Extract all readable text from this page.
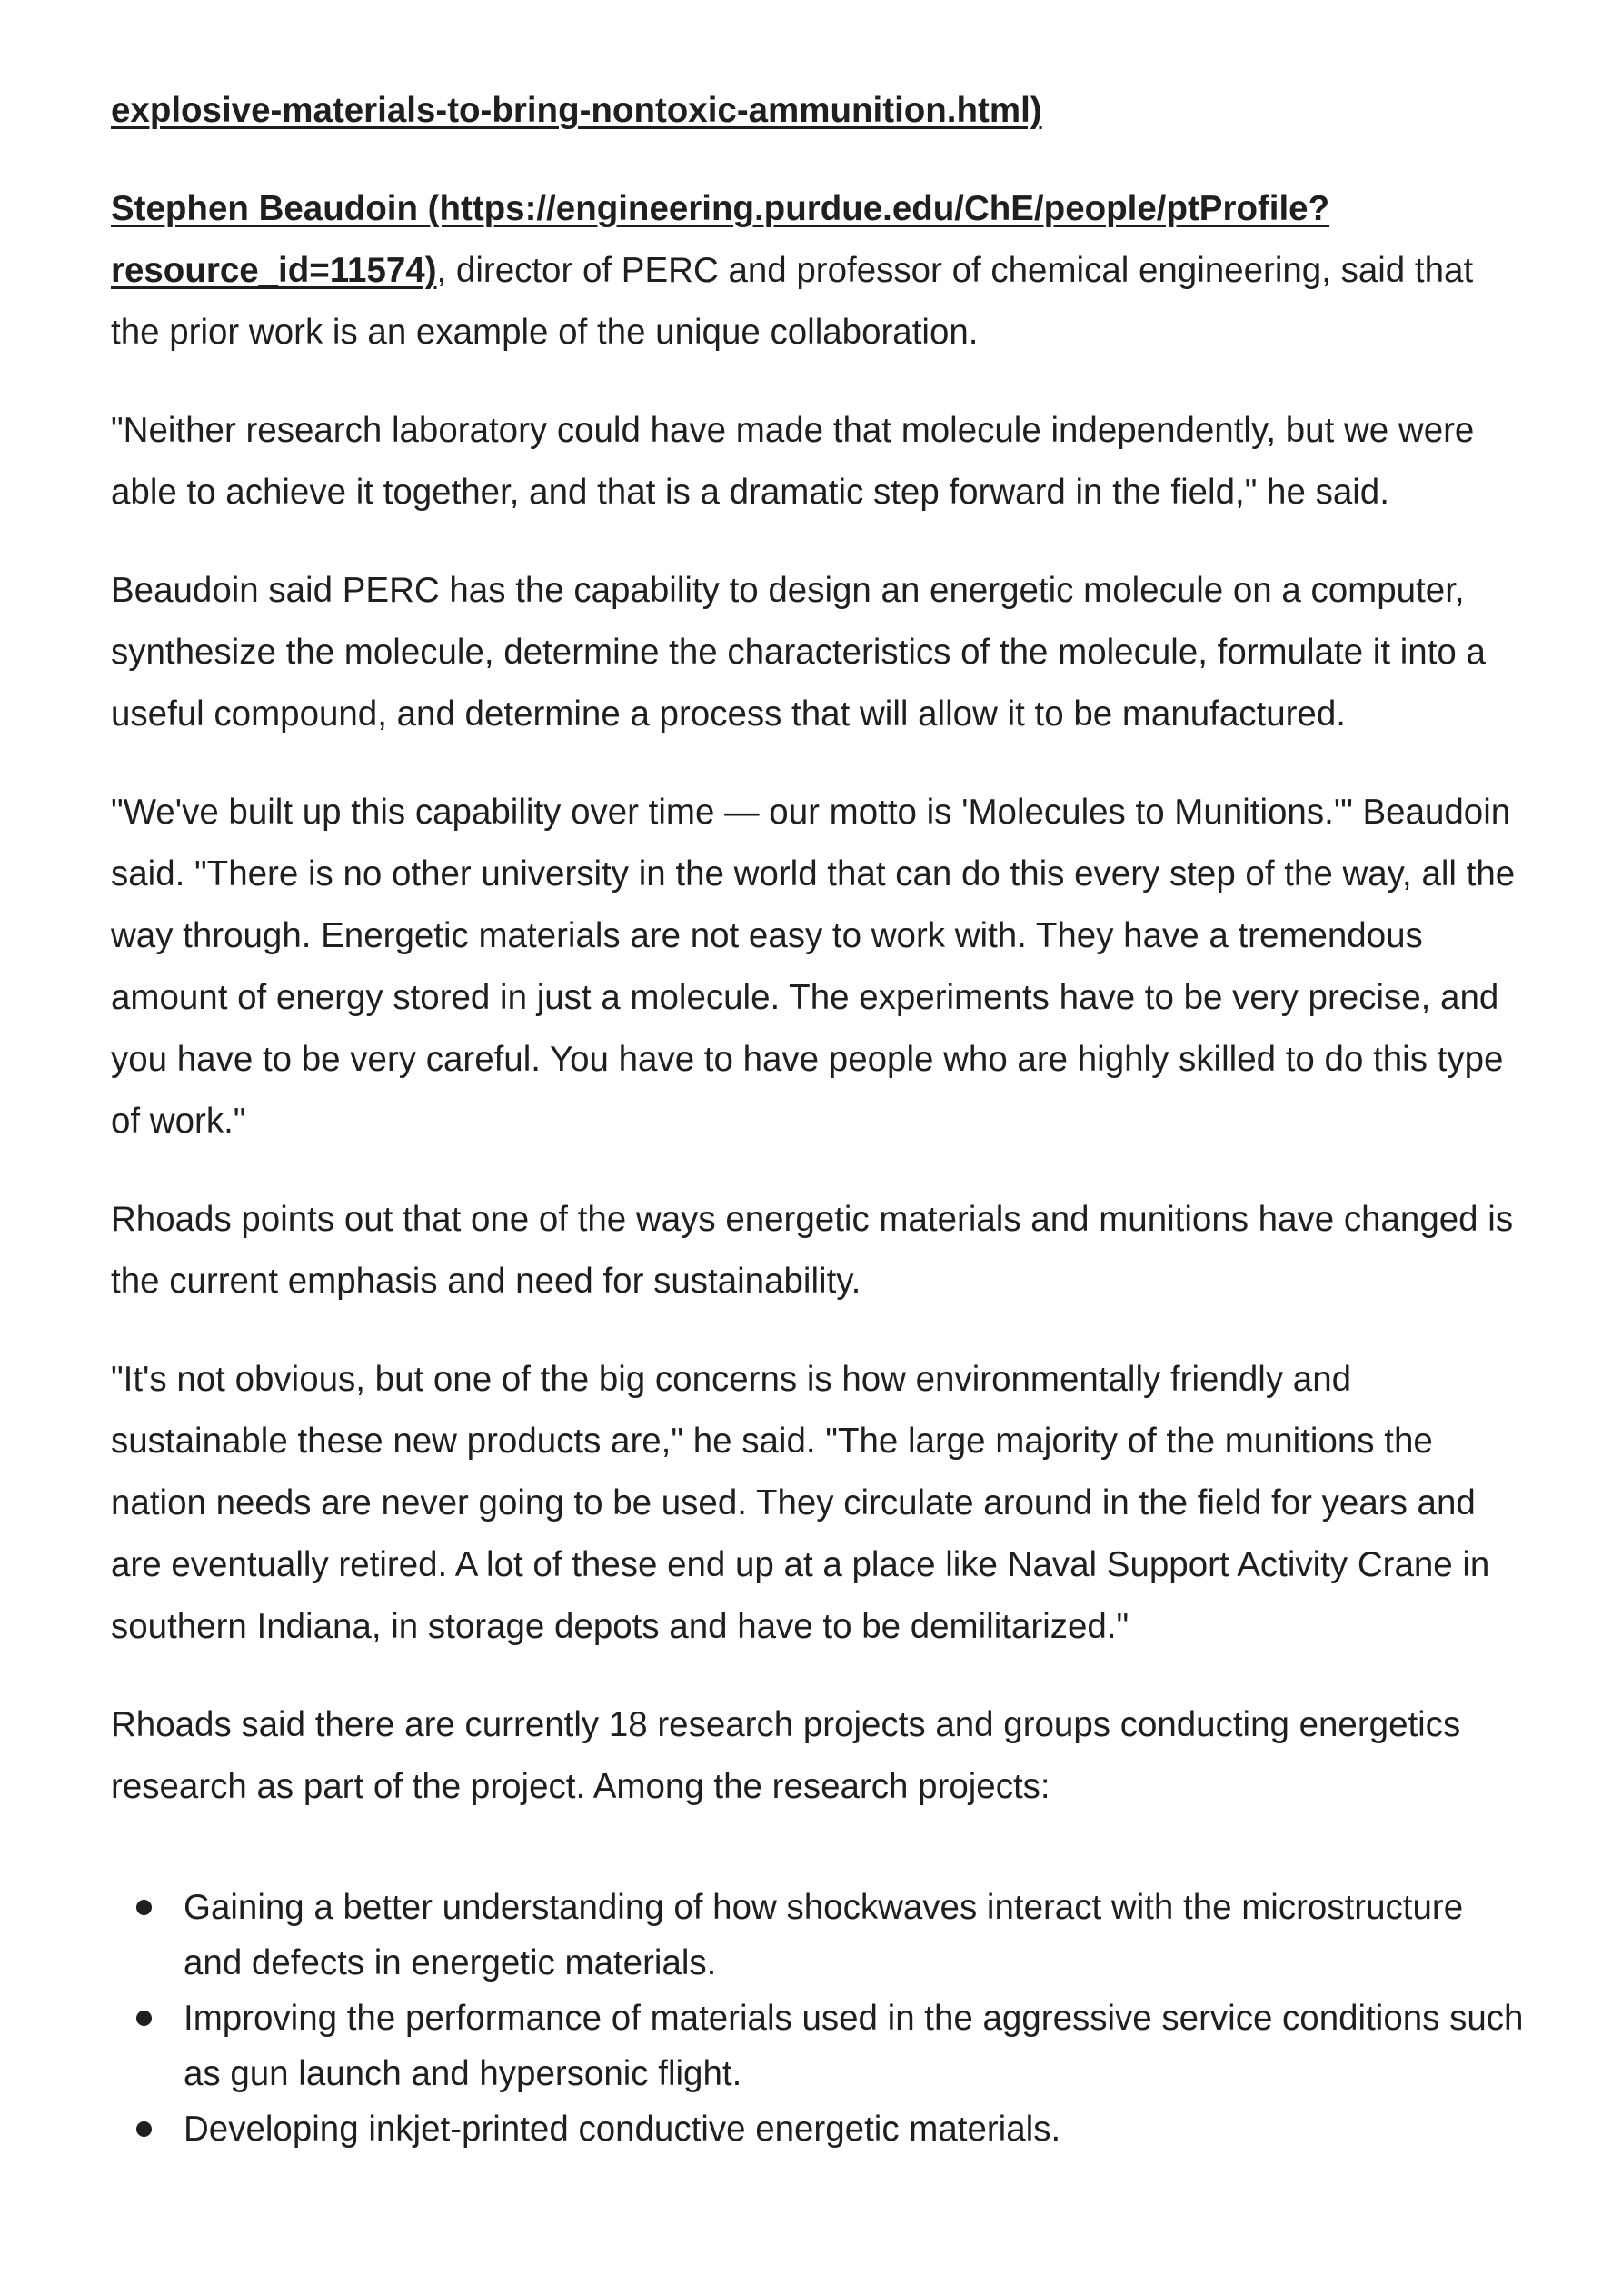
explosive-materials-to-bring-nontoxic-ammunition.html)

Stephen Beaudoin (https://engineering.purdue.edu/ChE/people/ptProfile?resource_id=11574), director of PERC and professor of chemical engineering, said that the prior work is an example of the unique collaboration.

"Neither research laboratory could have made that molecule independently, but we were able to achieve it together, and that is a dramatic step forward in the field," he said.

Beaudoin said PERC has the capability to design an energetic molecule on a computer, synthesize the molecule, determine the characteristics of the molecule, formulate it into a useful compound, and determine a process that will allow it to be manufactured.

"We've built up this capability over time — our motto is 'Molecules to Munitions.'" Beaudoin said. "There is no other university in the world that can do this every step of the way, all the way through. Energetic materials are not easy to work with. They have a tremendous amount of energy stored in just a molecule. The experiments have to be very precise, and you have to be very careful. You have to have people who are highly skilled to do this type of work."

Rhoads points out that one of the ways energetic materials and munitions have changed is the current emphasis and need for sustainability.

"It's not obvious, but one of the big concerns is how environmentally friendly and sustainable these new products are," he said. "The large majority of the munitions the nation needs are never going to be used. They circulate around in the field for years and are eventually retired. A lot of these end up at a place like Naval Support Activity Crane in southern Indiana, in storage depots and have to be demilitarized."

Rhoads said there are currently 18 research projects and groups conducting energetics research as part of the project. Among the research projects:

Gaining a better understanding of how shockwaves interact with the microstructure and defects in energetic materials.
Improving the performance of materials used in the aggressive service conditions such as gun launch and hypersonic flight.
Developing inkjet-printed conductive energetic materials.
